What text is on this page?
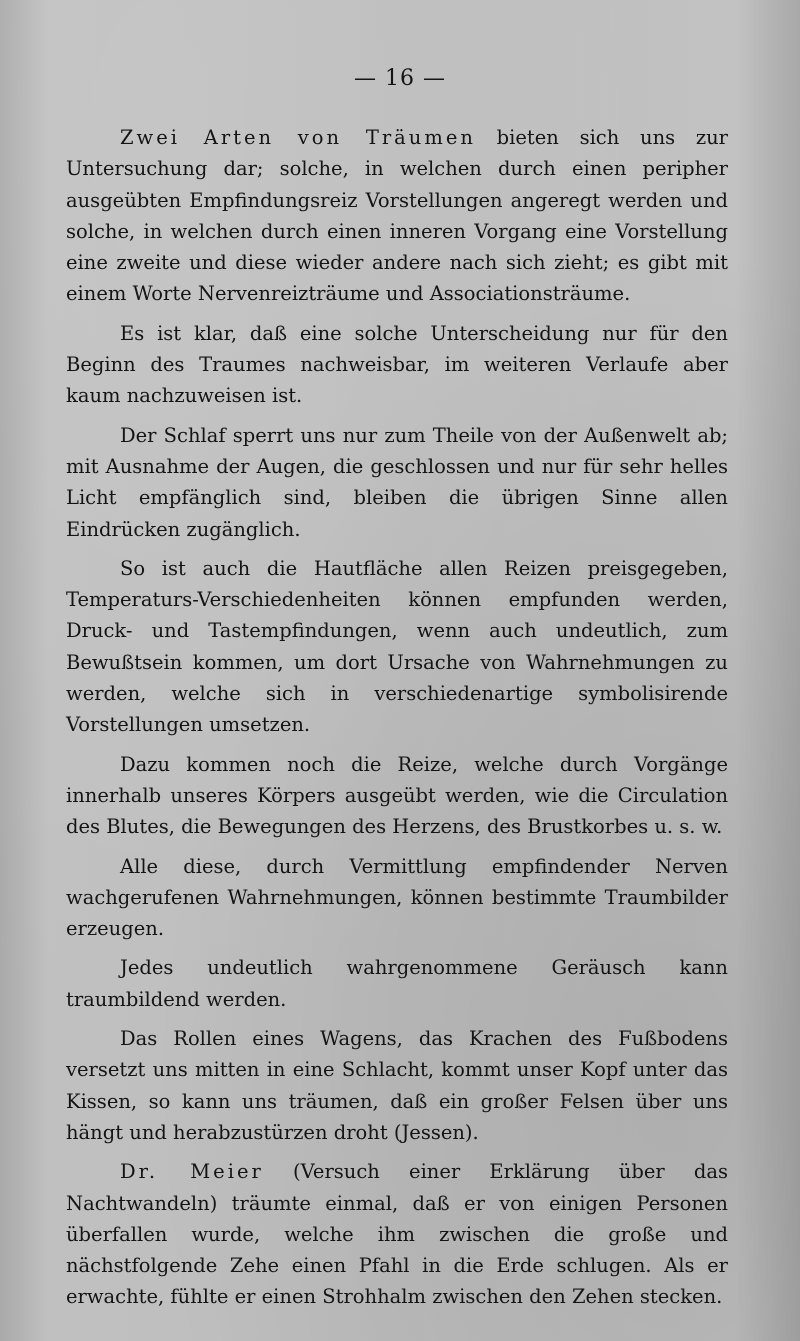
— 16 —

Zwei Arten von Träumen bieten sich uns zur Untersuchung dar; solche, in welchen durch einen peripher ausgeübten Empfindungsreiz Vorstellungen angeregt werden und solche, in welchen durch einen inneren Vorgang eine Vorstellung eine zweite und diese wieder andere nach sich zieht; es gibt mit einem Worte Nervenreizträume und Associationsträume.

Es ist klar, daß eine solche Unterscheidung nur für den Beginn des Traumes nachweisbar, im weiteren Verlaufe aber kaum nachzuweisen ist.

Der Schlaf sperrt uns nur zum Theile von der Außenwelt ab; mit Ausnahme der Augen, die geschlossen und nur für sehr helles Licht empfänglich sind, bleiben die übrigen Sinne allen Eindrücken zugänglich.

So ist auch die Hautfläche allen Reizen preisgegeben, Temperaturs-Verschiedenheiten können empfunden werden, Druck- und Tastempfindungen, wenn auch undeutlich, zum Bewußtsein kommen, um dort Ursache von Wahrnehmungen zu werden, welche sich in verschiedenartige symbolisirende Vorstellungen umsetzen.

Dazu kommen noch die Reize, welche durch Vorgänge innerhalb unseres Körpers ausgeübt werden, wie die Circulation des Blutes, die Bewegungen des Herzens, des Brustkorbes u. s. w.

Alle diese, durch Vermittlung empfindender Nerven wachgerufenen Wahrnehmungen, können bestimmte Traumbilder erzeugen.

Jedes undeutlich wahrgenommene Geräusch kann traumbildend werden.

Das Rollen eines Wagens, das Krachen des Fußbodens versetzt uns mitten in eine Schlacht, kommt unser Kopf unter das Kissen, so kann uns träumen, daß ein großer Felsen über uns hängt und herabzustürzen droht (Jessen).

Dr. Meier (Versuch einer Erklärung über das Nachtwandeln) träumte einmal, daß er von einigen Personen überfallen wurde, welche ihm zwischen die große und nächstfolgende Zehe einen Pfahl in die Erde schlugen. Als er erwachte, fühlte er einen Strohhalm zwischen den Zehen stecken.
